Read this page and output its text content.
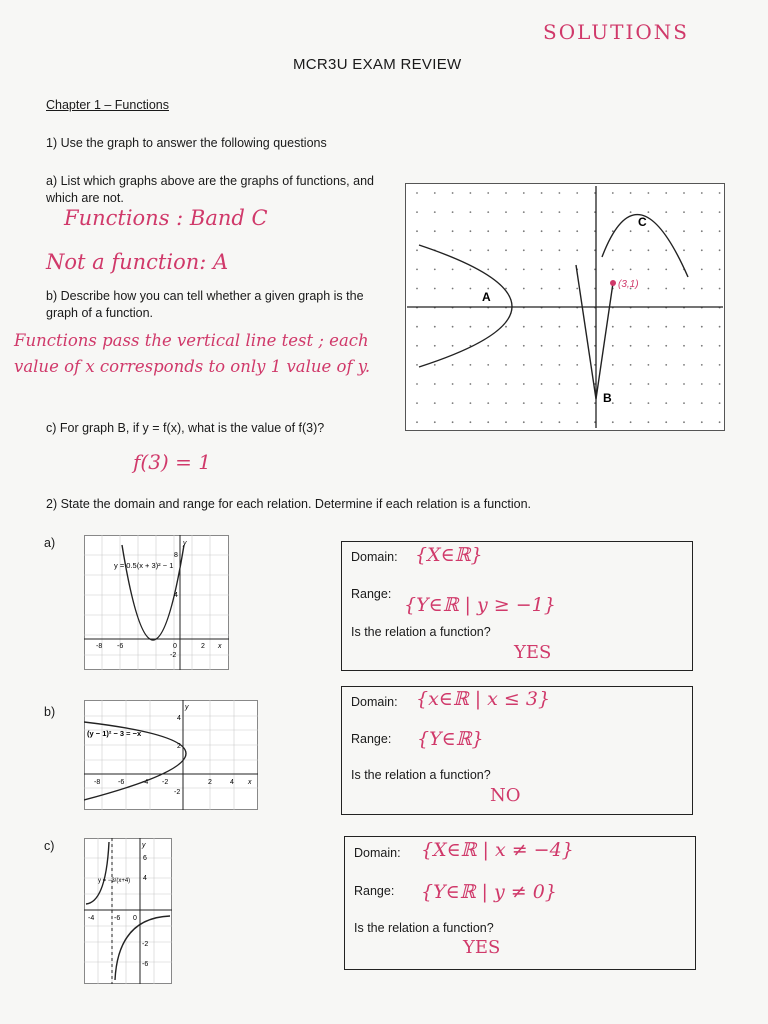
SOLUTIONS
MCR3U EXAM REVIEW
Chapter 1 – Functions
1) Use the graph to answer the following questions
a) List which graphs above are the graphs of functions, and which are not.
Functions : Band C
Not a function: A
b) Describe how you can tell whether a given graph is the graph of a function.
Functions pass the vertical line test ; each value of x corresponds to only 1 value of y.
c) For graph B, if y = f(x), what is the value of f(3)?
f(3) = 1
A
B
C
(3,1)
2) State the domain and range for each relation. Determine if each relation is a function.
a)
y = 0.5(x + 3)² − 1
-8 -6	0	2 x
y
8
4
-2
Domain: {X∈ℝ}
Range: {Y∈ℝ | y ≥ −1}
Is the relation a function?
YES
b)
(y − 1)² − 3 = −x
-8	-6	-4 -2	2	4 x
y
4
2
-2
Domain: {x∈ℝ | x ≤ 3}
Range: {Y∈ℝ}
Is the relation a function?
NO
c)
y = −3/(x+4)
-4	-6 0
y
6
4
-2
-6
Domain: {X∈ℝ | x ≠ −4}
Range: {Y∈ℝ | y ≠ 0}
Is the relation a function?
YES
